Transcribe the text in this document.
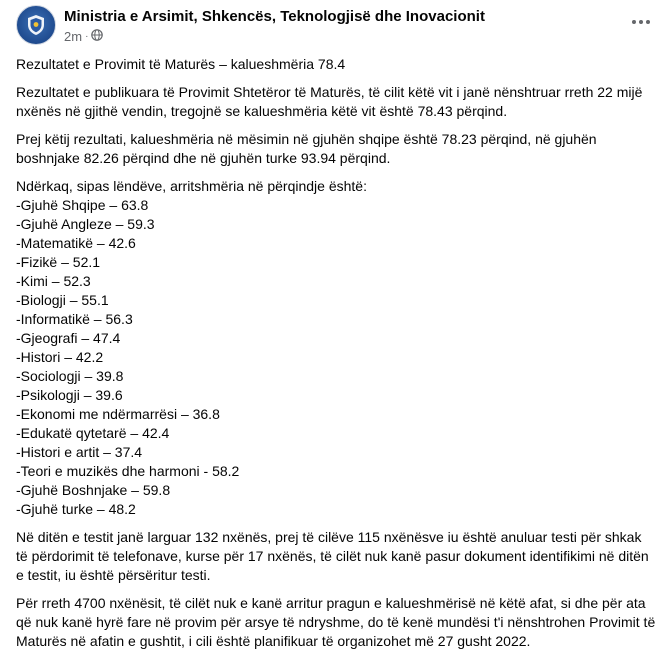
Ministria e Arsimit, Shkencës, Teknologjisë dhe Inovacionit
2m ·

Rezultatet e Provimit të Maturës – kalueshmëria 78.4

Rezultatet e publikuara të Provimit Shtetëror të Maturës, të cilit këtë vit i janë nënshtruar rreth 22 mijë nxënës në gjithë vendin, tregojnë se kalueshmëria këtë vit është 78.43 përqind.

Prej këtij rezultati, kalueshmëria në mësimin në gjuhën shqipe është 78.23 përqind, në gjuhën boshnjake 82.26 përqind dhe në gjuhën turke 93.94 përqind.

Ndërkaq, sipas lëndëve, arritshmëria në përqindje është:

-Gjuhë Shqipe – 63.8
-Gjuhë Angleze – 59.3
-Matematikë – 42.6
-Fizikë – 52.1
-Kimi – 52.3
-Biologji – 55.1
-Informatikë – 56.3
-Gjeografi – 47.4
-Histori – 42.2
-Sociologji – 39.8
-Psikologji – 39.6
-Ekonomi me ndërmarrësi – 36.8
-Edukatë qytetarë – 42.4
-Histori e artit – 37.4
-Teori e muzikës dhe harmoni - 58.2
-Gjuhë Boshnjake – 59.8
-Gjuhë turke – 48.2

Në ditën e testit janë larguar 132 nxënës, prej të cilëve 115 nxënësve iu është anuluar testi për shkak të përdorimit të telefonave, kurse për 17 nxënës, të cilët nuk kanë pasur dokument identifikimi në ditën e testit, iu është përsëritur testi.

Për rreth 4700 nxënësit, të cilët nuk e kanë arritur pragun e kalueshmërisë në këtë afat, si dhe për ata që nuk kanë hyrë fare në provim për arsye të ndryshme, do të kenë mundësi t'i nënshtrohen Provimit të Maturës në afatin e gushtit, i cili është planifikuar të organizohet më 27 gusht 2022.
